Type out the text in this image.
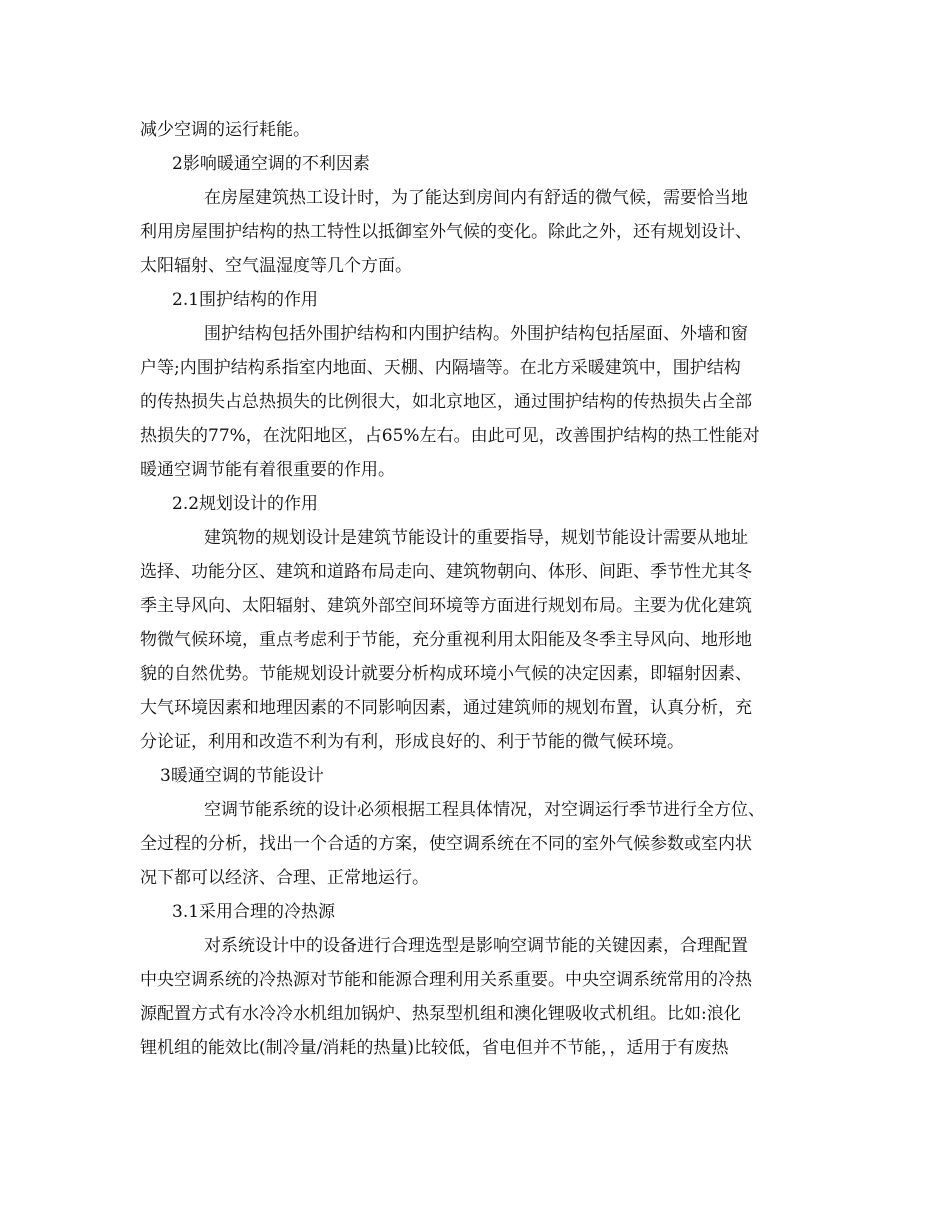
减少空调的运行耗能。
2影响暖通空调的不利因素
在房屋建筑热工设计时，为了能达到房间内有舒适的微气候，需要恰当地
利用房屋围护结构的热工特性以抵御室外气候的变化。除此之外，还有规划设计、
太阳辐射、空气温湿度等几个方面。
2.1围护结构的作用
围护结构包括外围护结构和内围护结构。外围护结构包括屋面、外墙和窗
户等;内围护结构系指室内地面、天棚、内隔墙等。在北方采暖建筑中，围护结构
的传热损失占总热损失的比例很大，如北京地区，通过围护结构的传热损失占全部
热损失的77%，在沈阳地区，占65%左右。由此可见，改善围护结构的热工性能对
暖通空调节能有着很重要的作用。
2.2规划设计的作用
建筑物的规划设计是建筑节能设计的重要指导，规划节能设计需要从地址
选择、功能分区、建筑和道路布局走向、建筑物朝向、体形、间距、季节性尤其冬
季主导风向、太阳辐射、建筑外部空间环境等方面进行规划布局。主要为优化建筑
物微气候环境，重点考虑利于节能，充分重视利用太阳能及冬季主导风向、地形地
貌的自然优势。节能规划设计就要分析构成环境小气候的决定因素，即辐射因素、
大气环境因素和地理因素的不同影响因素，通过建筑师的规划布置，认真分析，充
分论证，利用和改造不利为有利，形成良好的、利于节能的微气候环境。
3暖通空调的节能设计
空调节能系统的设计必须根据工程具体情况，对空调运行季节进行全方位、
全过程的分析，找出一个合适的方案，使空调系统在不同的室外气候参数或室内状
况下都可以经济、合理、正常地运行。
3.1采用合理的冷热源
对系统设计中的设备进行合理选型是影响空调节能的关键因素，合理配置
中央空调系统的冷热源对节能和能源合理利用关系重要。中央空调系统常用的冷热
源配置方式有水冷冷水机组加锅炉、热泵型机组和澳化锂吸收式机组。比如:浪化
锂机组的能效比(制冷量/消耗的热量)比较低，省电但并不节能，，适用于有废热
